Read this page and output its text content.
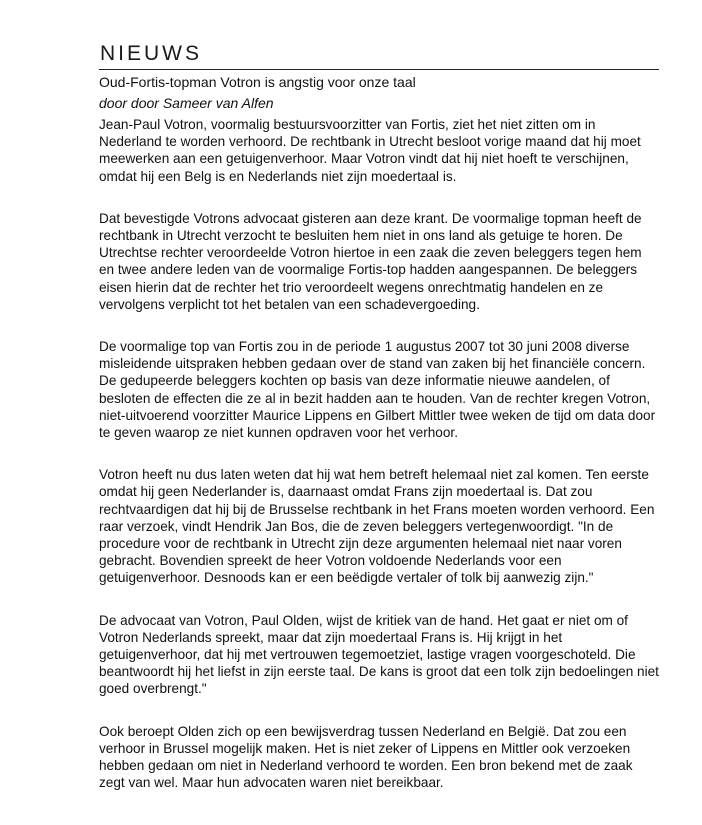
NIEUWS
Oud-Fortis-topman Votron is angstig voor onze taal
door door Sameer van Alfen

Jean-Paul Votron, voormalig bestuursvoorzitter van Fortis, ziet het niet zitten om in Nederland te worden verhoord. De rechtbank in Utrecht besloot vorige maand dat hij moet meewerken aan een getuigenverhoor. Maar Votron vindt dat hij niet hoeft te verschijnen, omdat hij een Belg is en Nederlands niet zijn moedertaal is.

Dat bevestigde Votrons advocaat gisteren aan deze krant. De voormalige topman heeft de rechtbank in Utrecht verzocht te besluiten hem niet in ons land als getuige te horen. De Utrechtse rechter veroordeelde Votron hiertoe in een zaak die zeven beleggers tegen hem en twee andere leden van de voormalige Fortis-top hadden aangespannen. De beleggers eisen hierin dat de rechter het trio veroordeelt wegens onrechtmatig handelen en ze vervolgens verplicht tot het betalen van een schadevergoeding.

De voormalige top van Fortis zou in de periode 1 augustus 2007 tot 30 juni 2008 diverse misleidende uitspraken hebben gedaan over de stand van zaken bij het financiële concern. De gedupeerde beleggers kochten op basis van deze informatie nieuwe aandelen, of besloten de effecten die ze al in bezit hadden aan te houden. Van de rechter kregen Votron, niet-uitvoerend voorzitter Maurice Lippens en Gilbert Mittler twee weken de tijd om data door te geven waarop ze niet kunnen opdraven voor het verhoor.

Votron heeft nu dus laten weten dat hij wat hem betreft helemaal niet zal komen. Ten eerste omdat hij geen Nederlander is, daarnaast omdat Frans zijn moedertaal is. Dat zou rechtvaardigen dat hij bij de Brusselse rechtbank in het Frans moeten worden verhoord. Een raar verzoek, vindt Hendrik Jan Bos, die de zeven beleggers vertegenwoordigt. "In de procedure voor de rechtbank in Utrecht zijn deze argumenten helemaal niet naar voren gebracht. Bovendien spreekt de heer Votron voldoende Nederlands voor een getuigenverhoor. Desnoods kan er een beëdigde vertaler of tolk bij aanwezig zijn."

De advocaat van Votron, Paul Olden, wijst de kritiek van de hand. Het gaat er niet om of Votron Nederlands spreekt, maar dat zijn moedertaal Frans is. Hij krijgt in het getuigenverhoor, dat hij met vertrouwen tegemoetziet, lastige vragen voorgeschoteld. Die beantwoordt hij het liefst in zijn eerste taal. De kans is groot dat een tolk zijn bedoelingen niet goed overbrengt."

Ook beroept Olden zich op een bewijsverdrag tussen Nederland en België. Dat zou een verhoor in Brussel mogelijk maken. Het is niet zeker of Lippens en Mittler ook verzoeken hebben gedaan om niet in Nederland verhoord te worden. Een bron bekend met de zaak zegt van wel. Maar hun advocaten waren niet bereikbaar.
